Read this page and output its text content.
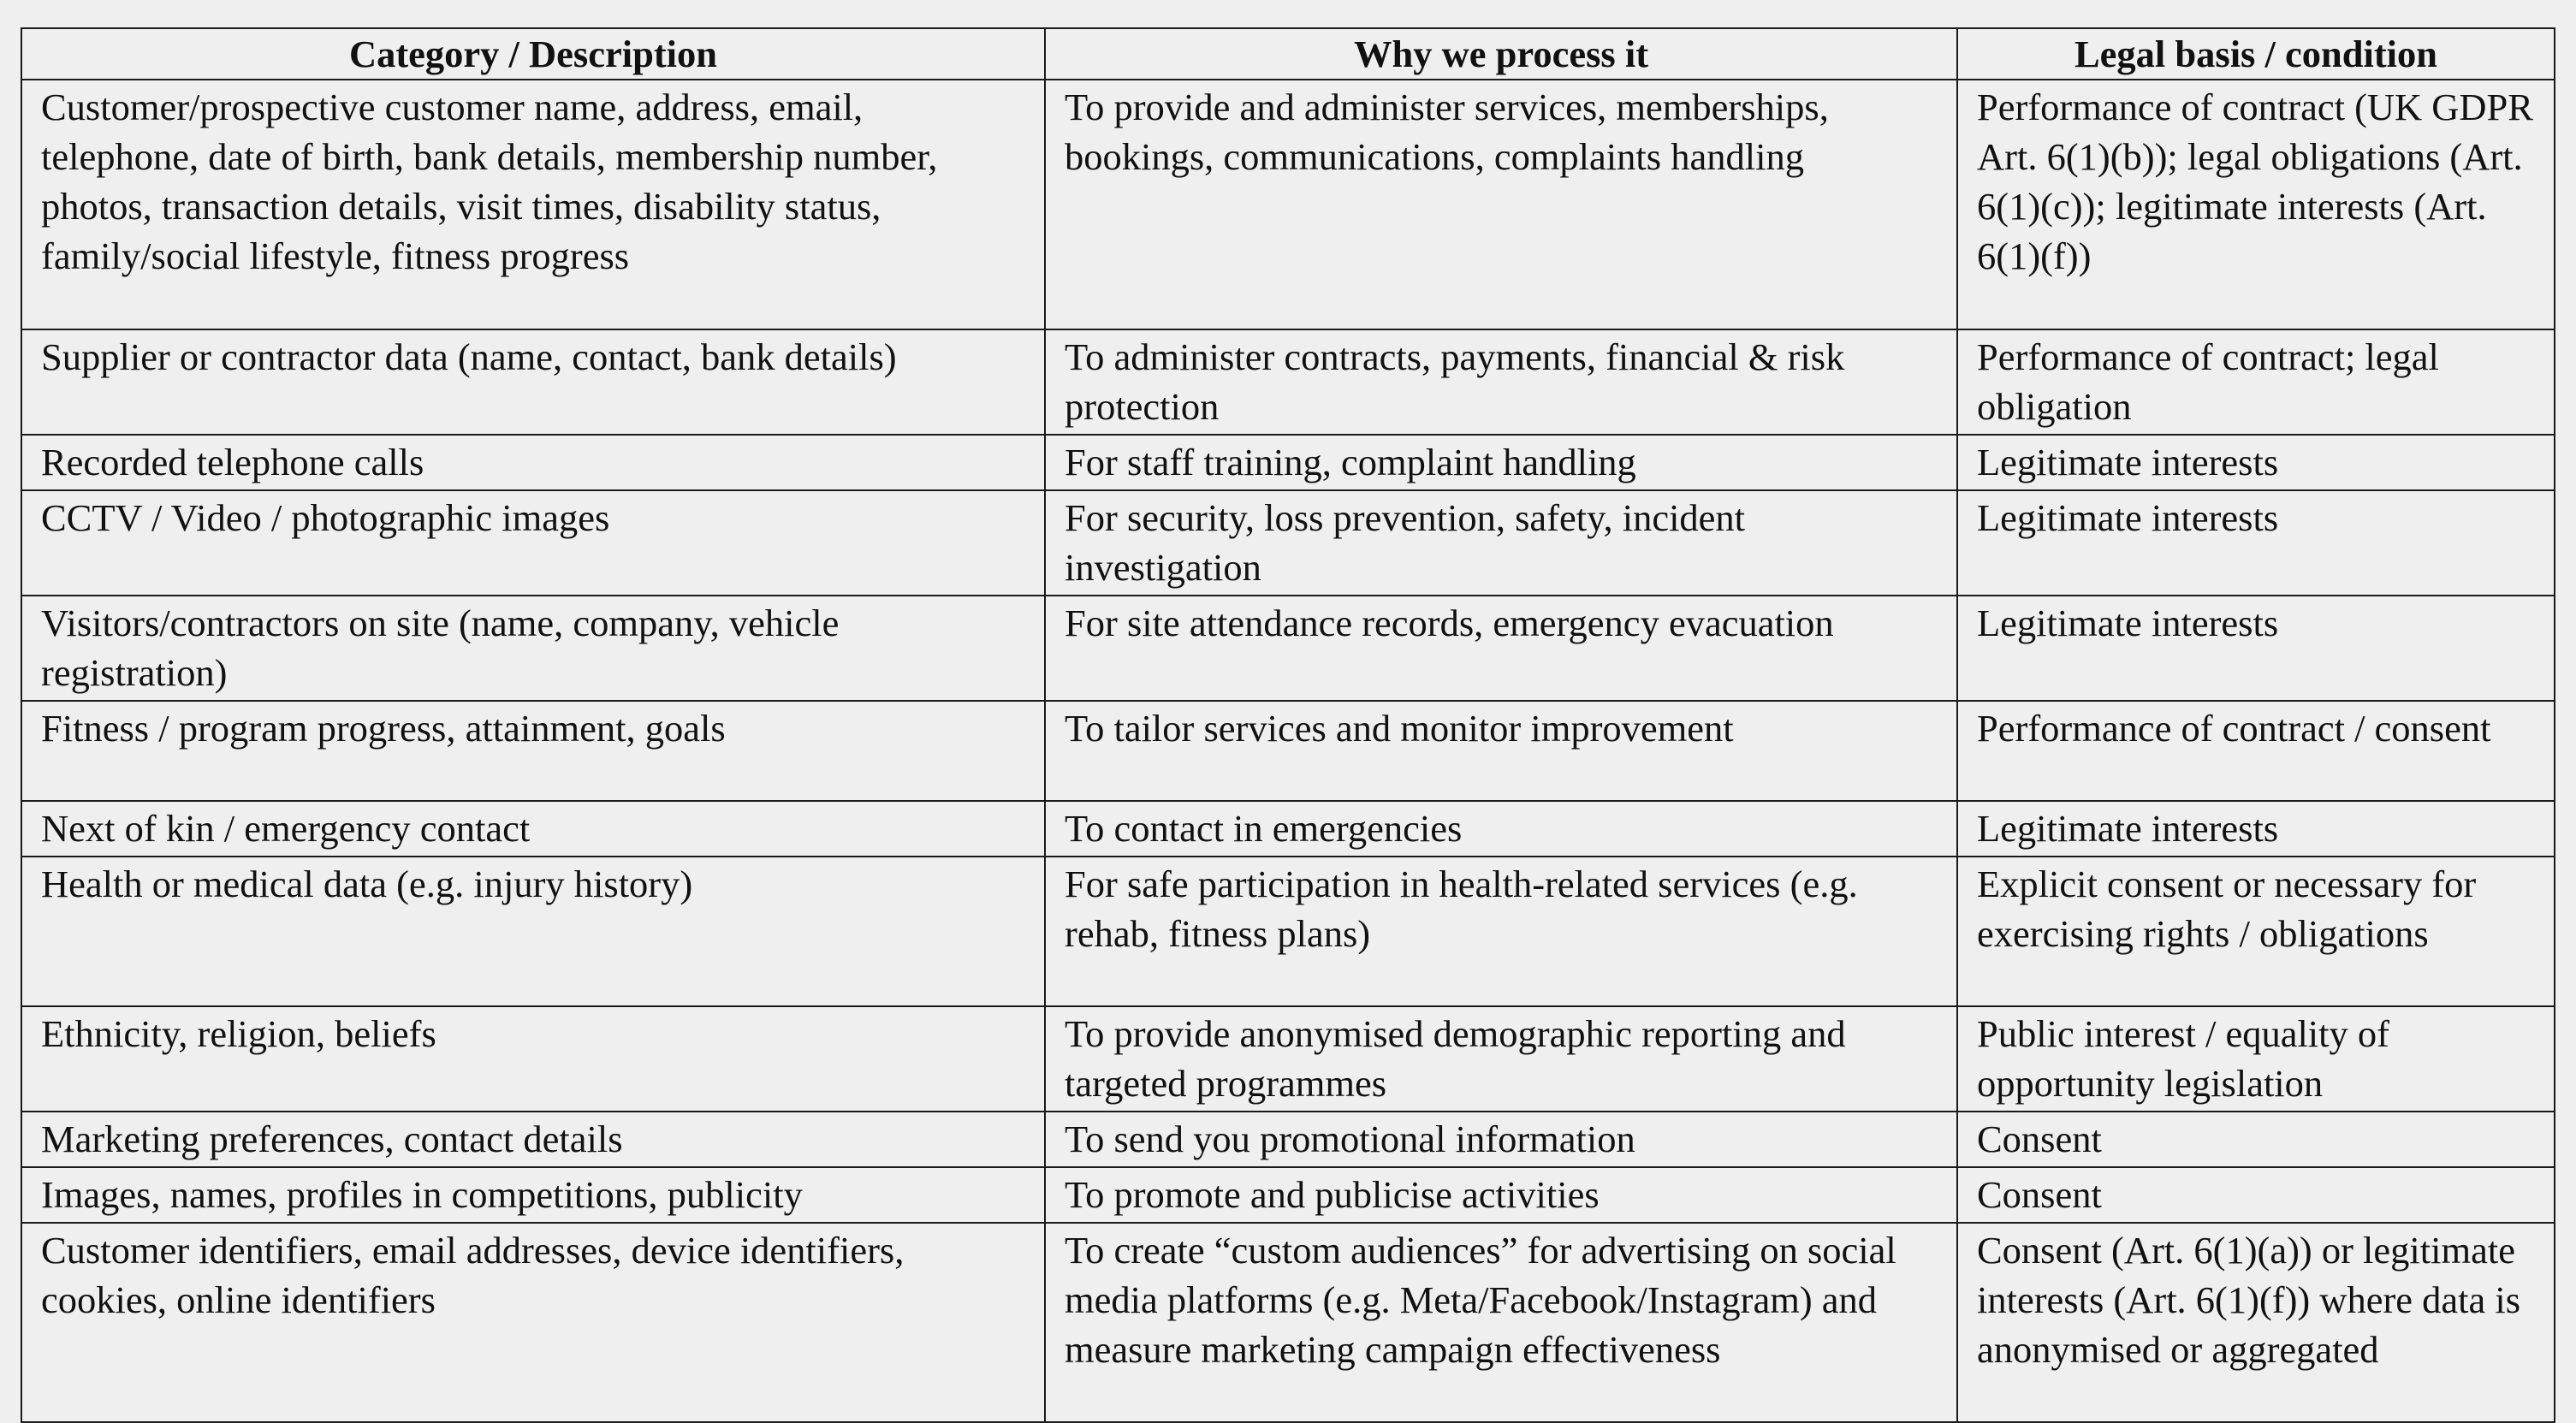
Category / Description	Why we process it	Legal basis / condition
Customer/prospective customer name, address, email, telephone, date of birth, bank details, membership number, photos, transaction details, visit times, disability status, family/social lifestyle, fitness progress	To provide and administer services, memberships, bookings, communications, complaints handling	Performance of contract (UK GDPR Art. 6(1)(b)); legal obligations (Art. 6(1)(c)); legitimate interests (Art. 6(1)(f))
Supplier or contractor data (name, contact, bank details)	To administer contracts, payments, financial & risk protection	Performance of contract; legal obligation
Recorded telephone calls	For staff training, complaint handling	Legitimate interests
CCTV / Video / photographic images	For security, loss prevention, safety, incident investigation	Legitimate interests
Visitors/contractors on site (name, company, vehicle registration)	For site attendance records, emergency evacuation	Legitimate interests
Fitness / program progress, attainment, goals	To tailor services and monitor improvement	Performance of contract / consent
Next of kin / emergency contact	To contact in emergencies	Legitimate interests
Health or medical data (e.g. injury history)	For safe participation in health-related services (e.g. rehab, fitness plans)	Explicit consent or necessary for exercising rights / obligations
Ethnicity, religion, beliefs	To provide anonymised demographic reporting and targeted programmes	Public interest / equality of opportunity legislation
Marketing preferences, contact details	To send you promotional information	Consent
Images, names, profiles in competitions, publicity	To promote and publicise activities	Consent
Customer identifiers, email addresses, device identifiers, cookies, online identifiers	To create “custom audiences” for advertising on social media platforms (e.g. Meta/Facebook/Instagram) and measure marketing campaign effectiveness	Consent (Art. 6(1)(a)) or legitimate interests (Art. 6(1)(f)) where data is anonymised or aggregated
